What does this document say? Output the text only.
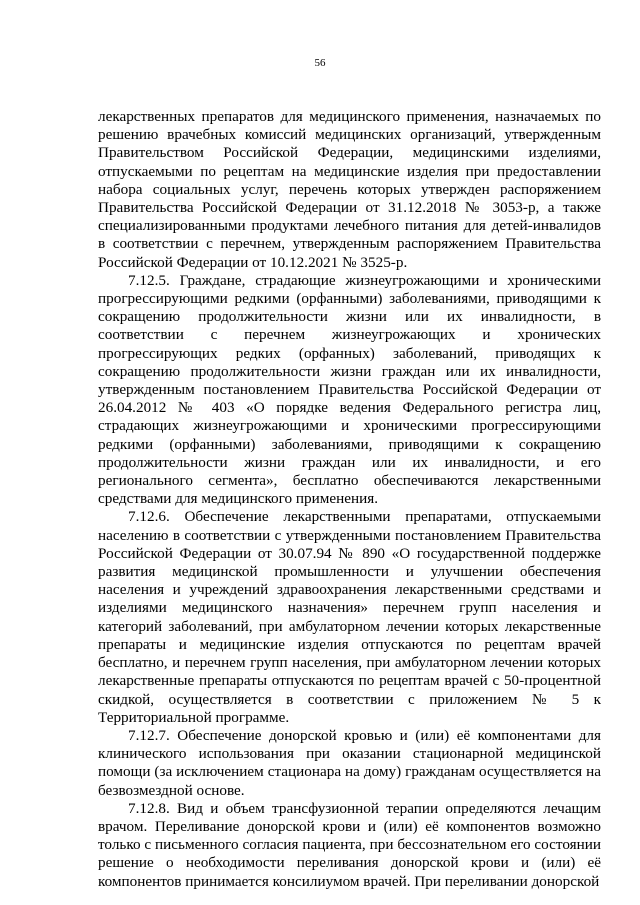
56

лекарственных препаратов для медицинского применения, назначаемых по решению врачебных комиссий медицинских организаций, утвержденным Правительством Российской Федерации, медицинскими изделиями, отпускаемыми по рецептам на медицинские изделия при предоставлении набора социальных услуг, перечень которых утвержден распоряжением Правительства Российской Федерации от 31.12.2018 № 3053-р, а также специализированными продуктами лечебного питания для детей-инвалидов в соответствии с перечнем, утвержденным распоряжением Правительства Российской Федерации от 10.12.2021 № 3525-р.

7.12.5. Граждане, страдающие жизнеугрожающими и хроническими прогрессирующими редкими (орфанными) заболеваниями, приводящими к сокращению продолжительности жизни или их инвалидности, в соответствии с перечнем жизнеугрожающих и хронических прогрессирующих редких (орфанных) заболеваний, приводящих к сокращению продолжительности жизни граждан или их инвалидности, утвержденным постановлением Правительства Российской Федерации от 26.04.2012 № 403 «О порядке ведения Федерального регистра лиц, страдающих жизнеугрожающими и хроническими прогрессирующими редкими (орфанными) заболеваниями, приводящими к сокращению продолжительности жизни граждан или их инвалидности, и его регионального сегмента», бесплатно обеспечиваются лекарственными средствами для медицинского применения.

7.12.6. Обеспечение лекарственными препаратами, отпускаемыми населению в соответствии с утвержденными постановлением Правительства Российской Федерации от 30.07.94 № 890 «О государственной поддержке развития медицинской промышленности и улучшении обеспечения населения и учреждений здравоохранения лекарственными средствами и изделиями медицинского назначения» перечнем групп населения и категорий заболеваний, при амбулаторном лечении которых лекарственные препараты и медицинские изделия отпускаются по рецептам врачей бесплатно, и перечнем групп населения, при амбулаторном лечении которых лекарственные препараты отпускаются по рецептам врачей с 50-процентной скидкой, осуществляется в соответствии с приложением № 5 к Территориальной программе.

7.12.7. Обеспечение донорской кровью и (или) её компонентами для клинического использования при оказании стационарной медицинской помощи (за исключением стационара на дому) гражданам осуществляется на безвозмездной основе.

7.12.8. Вид и объем трансфузионной терапии определяются лечащим врачом. Переливание донорской крови и (или) её компонентов возможно только с письменного согласия пациента, при бессознательном его состоянии решение о необходимости переливания донорской крови и (или) её компонентов принимается консилиумом врачей. При переливании донорской
